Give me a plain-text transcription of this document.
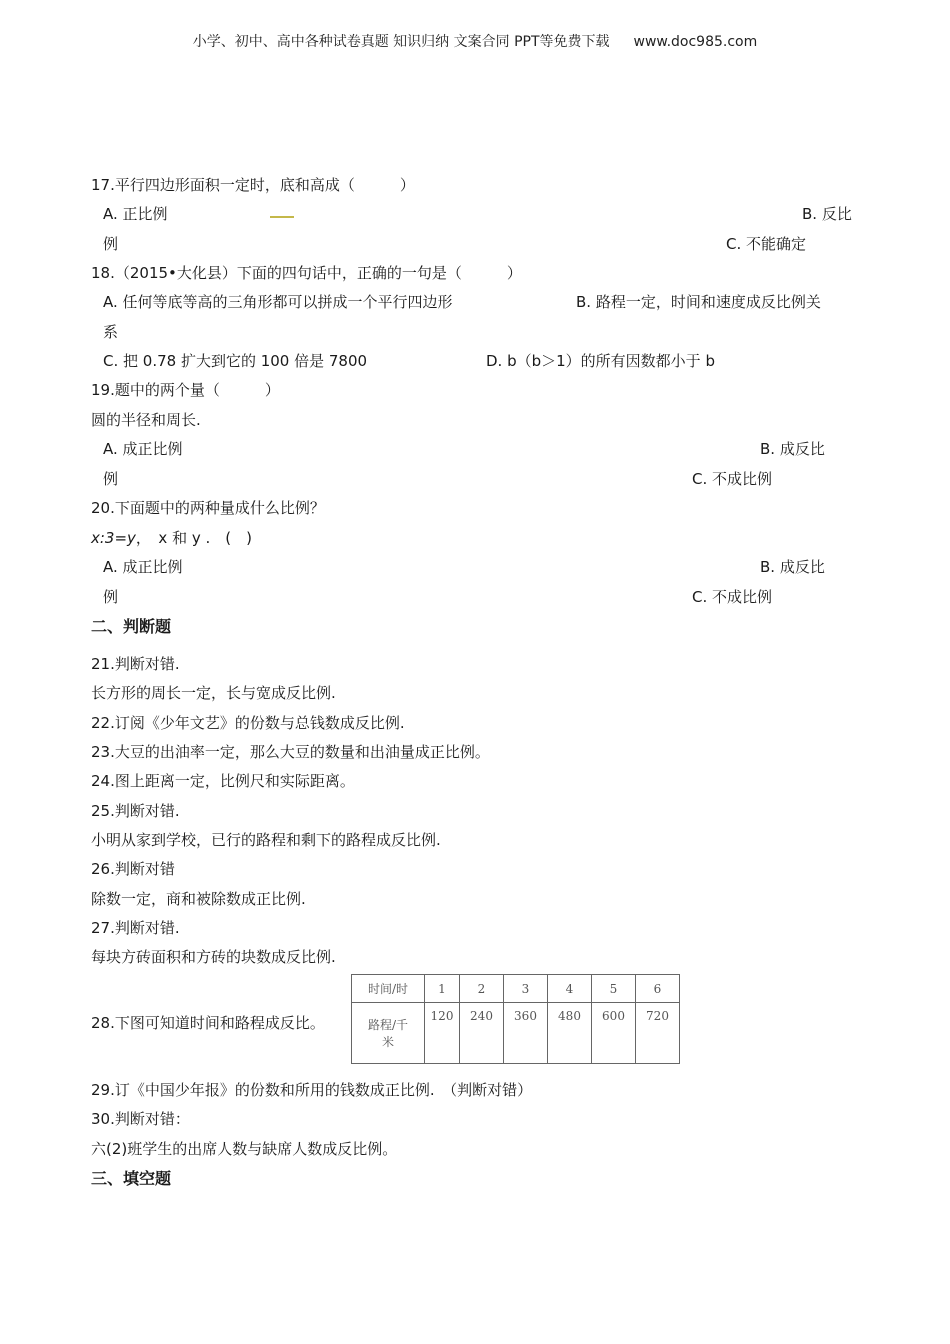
小学、初中、高中各种试卷真题 知识归纳 文案合同 PPT等免费下载 www.doc985.com
17.平行四边形面积一定时，底和高成（　　　）
A. 正比例	B. 反比
例	C. 不能确定
18.（2015•大化县）下面的四句话中，正确的一句是（　　　）
A. 任何等底等高的三角形都可以拼成一个平行四边形	B. 路程一定，时间和速度成反比例关
系
C. 把 0.78 扩大到它的 100 倍是 7800	D. b（b＞1）的所有因数都小于 b
19.题中的两个量（　　　）
圆的半径和周长.
A. 成正比例	B. 成反比
例	C. 不成比例
20.下面题中的两种量成什么比例？
x:3=y，　x 和 y .　(　)
A. 成正比例	B. 成反比
例	C. 不成比例
二、判断题
21.判断对错.
长方形的周长一定，长与宽成反比例.
22.订阅《少年文艺》的份数与总钱数成反比例.
23.大豆的出油率一定，那么大豆的数量和出油量成正比例。
24.图上距离一定，比例尺和实际距离。
25.判断对错.
小明从家到学校，已行的路程和剩下的路程成反比例.
26.判断对错
除数一定，商和被除数成正比例.
27.判断对错.
每块方砖面积和方砖的块数成反比例.
28.下图可知道时间和路程成反比。
时间/时	1	2	3	4	5	6
路程/千
米	120	240	360	480	600	720
29.订《中国少年报》的份数和所用的钱数成正比例.　（判断对错）
30.判断对错：
六(2)班学生的出席人数与缺席人数成反比例。
三、填空题
